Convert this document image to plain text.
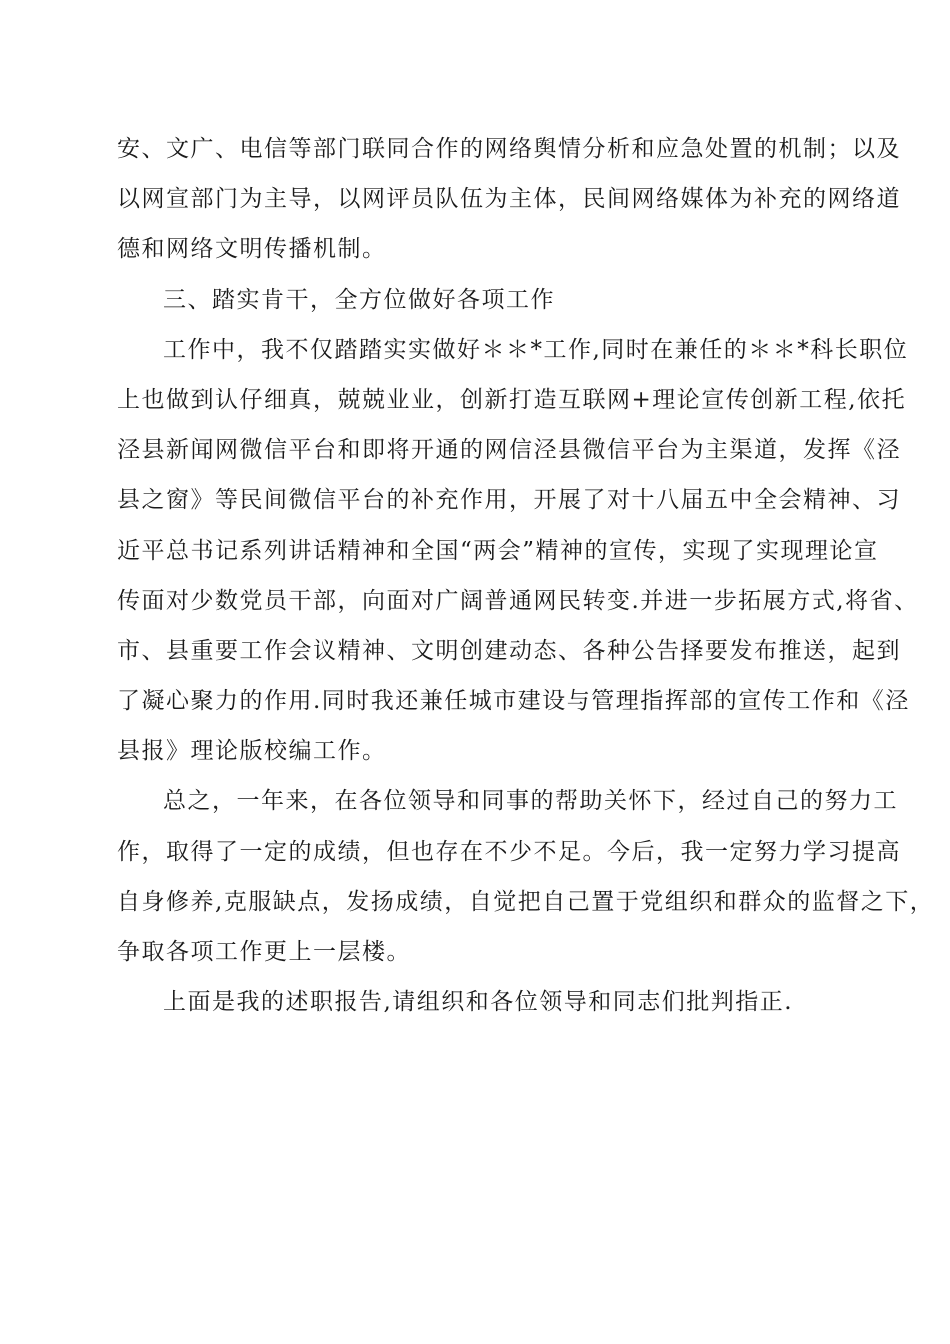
安、文广、电信等部门联同合作的网络舆情分析和应急处置的机制；以及
以网宣部门为主导，以网评员队伍为主体，民间网络媒体为补充的网络道
德和网络文明传播机制。
三、踏实肯干，全方位做好各项工作
工作中，我不仅踏踏实实做好＊＊*工作,同时在兼任的＊＊*科长职位
上也做到认仔细真，兢兢业业，创新打造互联网+理论宣传创新工程,依托
泾县新闻网微信平台和即将开通的网信泾县微信平台为主渠道，发挥《泾
县之窗》等民间微信平台的补充作用，开展了对十八届五中全会精神、习
近平总书记系列讲话精神和全国“两会”精神的宣传，实现了实现理论宣
传面对少数党员干部，向面对广阔普通网民转变.并进一步拓展方式,将省、
市、县重要工作会议精神、文明创建动态、各种公告择要发布推送，起到
了凝心聚力的作用.同时我还兼任城市建设与管理指挥部的宣传工作和《泾
县报》理论版校编工作。
总之，一年来，在各位领导和同事的帮助关怀下，经过自己的努力工
作，取得了一定的成绩，但也存在不少不足。今后，我一定努力学习提高
自身修养,克服缺点，发扬成绩，自觉把自己置于党组织和群众的监督之下，
争取各项工作更上一层楼。
上面是我的述职报告,请组织和各位领导和同志们批判指正.
